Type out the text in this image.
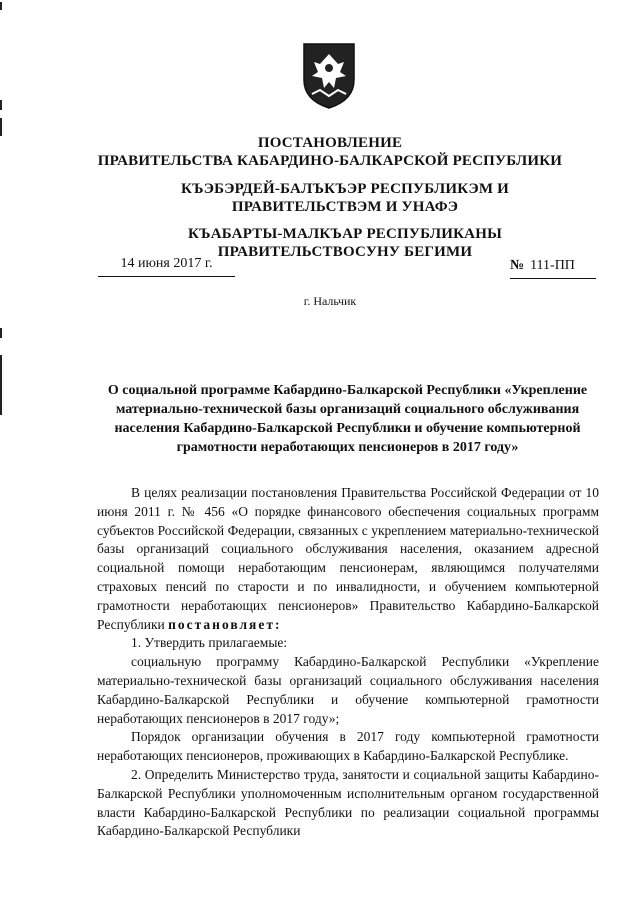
ПОСТАНОВЛЕНИЕ
ПРАВИТЕЛЬСТВА КАБАРДИНО-БАЛКАРСКОЙ РЕСПУБЛИКИ
КЪЭБЭРДЕЙ-БАЛЪКЪЭР РЕСПУБЛИКЭМ И ПРАВИТЕЛЬСТВЭМ И УНАФЭ
КЪАБАРТЫ-МАЛКЪАР РЕСПУБЛИКАНЫ ПРАВИТЕЛЬСТВОСУНУ БЕГИМИ
14 июня 2017 г.	№ 111-ПП
г. Нальчик
О социальной программе Кабардино-Балкарской Республики «Укрепление материально-технической базы организаций социального обслуживания населения Кабардино-Балкарской Республики и обучение компьютерной грамотности неработающих пенсионеров в 2017 году»

В целях реализации постановления Правительства Российской Федерации от 10 июня 2011 г. № 456 «О порядке финансового обеспечения социальных программ субъектов Российской Федерации, связанных с укреплением материально-технической базы организаций социального обслуживания населения, оказанием адресной социальной помощи неработающим пенсионерам, являющимся получателями страховых пенсий по старости и по инвалидности, и обучением компьютерной грамотности неработающих пенсионеров» Правительство Кабардино-Балкарской Республики постановляет:

1. Утвердить прилагаемые:

социальную программу Кабардино-Балкарской Республики «Укрепление материально-технической базы организаций социального обслуживания населения Кабардино-Балкарской Республики и обучение компьютерной грамотности неработающих пенсионеров в 2017 году»;

Порядок организации обучения в 2017 году компьютерной грамотности неработающих пенсионеров, проживающих в Кабардино-Балкарской Республике.

2. Определить Министерство труда, занятости и социальной защиты Кабардино-Балкарской Республики уполномоченным исполнительным органом государственной власти Кабардино-Балкарской Республики по реализации социальной программы Кабардино-Балкарской Республики
